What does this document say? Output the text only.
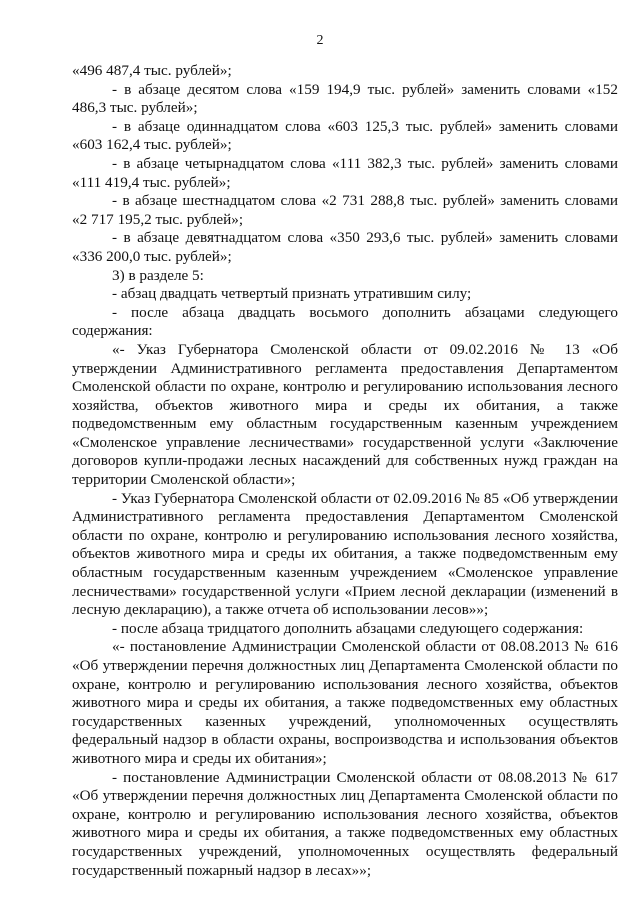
2

«496 487,4 тыс. рублей»;

- в абзаце десятом слова «159 194,9 тыс. рублей» заменить словами «152 486,3 тыс. рублей»;

- в абзаце одиннадцатом слова «603 125,3 тыс. рублей» заменить словами «603 162,4 тыс. рублей»;

- в абзаце четырнадцатом слова «111 382,3 тыс. рублей» заменить словами «111 419,4 тыс. рублей»;

- в абзаце шестнадцатом слова «2 731 288,8 тыс. рублей» заменить словами «2 717 195,2 тыс. рублей»;

- в абзаце девятнадцатом слова «350 293,6 тыс. рублей» заменить словами «336 200,0 тыс. рублей»;

3) в разделе 5:

- абзац двадцать четвертый признать утратившим силу;

- после абзаца двадцать восьмого дополнить абзацами следующего содержания:

«- Указ Губернатора Смоленской области от 09.02.2016 № 13 «Об утверждении Административного регламента предоставления Департаментом Смоленской области по охране, контролю и регулированию использования лесного хозяйства, объектов животного мира и среды их обитания, а также подведомственным ему областным государственным казенным учреждением «Смоленское управление лесничествами» государственной услуги «Заключение договоров купли-продажи лесных насаждений для собственных нужд граждан на территории Смоленской области»;

- Указ Губернатора Смоленской области от 02.09.2016 № 85 «Об утверждении Административного регламента предоставления Департаментом Смоленской области по охране, контролю и регулированию использования лесного хозяйства, объектов животного мира и среды их обитания, а также подведомственным ему областным государственным казенным учреждением «Смоленское управление лесничествами» государственной услуги «Прием лесной декларации (изменений в лесную декларацию), а также отчета об использовании лесов»»;

- после абзаца тридцатого дополнить абзацами следующего содержания:

«- постановление Администрации Смоленской области от 08.08.2013 № 616 «Об утверждении перечня должностных лиц Департамента Смоленской области по охране, контролю и регулированию использования лесного хозяйства, объектов животного мира и среды их обитания, а также подведомственных ему областных государственных казенных учреждений, уполномоченных осуществлять федеральный надзор в области охраны, воспроизводства и использования объектов животного мира и среды их обитания»;

- постановление Администрации Смоленской области от 08.08.2013 № 617 «Об утверждении перечня должностных лиц Департамента Смоленской области по охране, контролю и регулированию использования лесного хозяйства, объектов животного мира и среды их обитания, а также подведомственных ему областных государственных учреждений, уполномоченных осуществлять федеральный государственный пожарный надзор в лесах»»;
